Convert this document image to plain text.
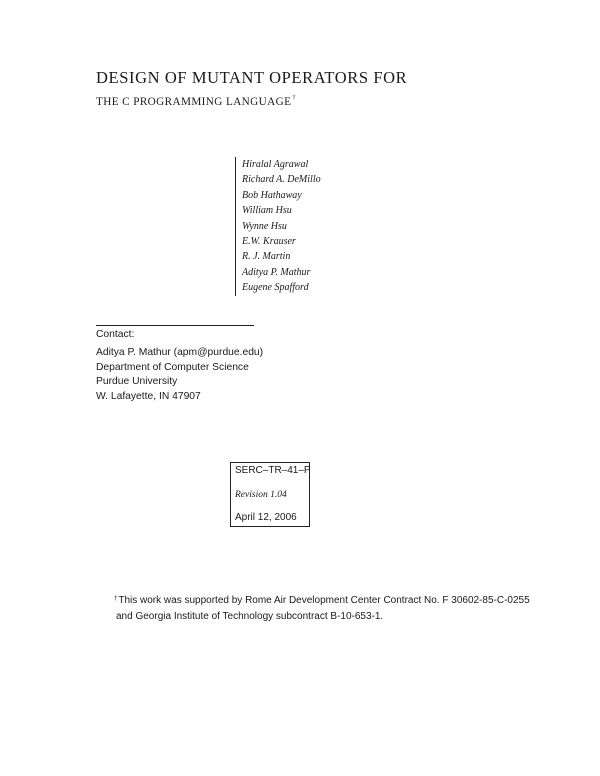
DESIGN OF MUTANT OPERATORS FOR
THE C PROGRAMMING LANGUAGE†
Hiralal Agrawal
Richard A. DeMillo
Bob Hathaway
William Hsu
Wynne Hsu
E.W. Krauser
R. J. Martin
Aditya P. Mathur
Eugene Spafford
Contact:
Aditya P. Mathur (apm@purdue.edu)
Department of Computer Science
Purdue University
W. Lafayette, IN 47907
SERC–TR–41–P
Revision 1.04
April 12, 2006
†This work was supported by Rome Air Development Center Contract No. F 30602-85-C-0255
and Georgia Institute of Technology subcontract B-10-653-1.
